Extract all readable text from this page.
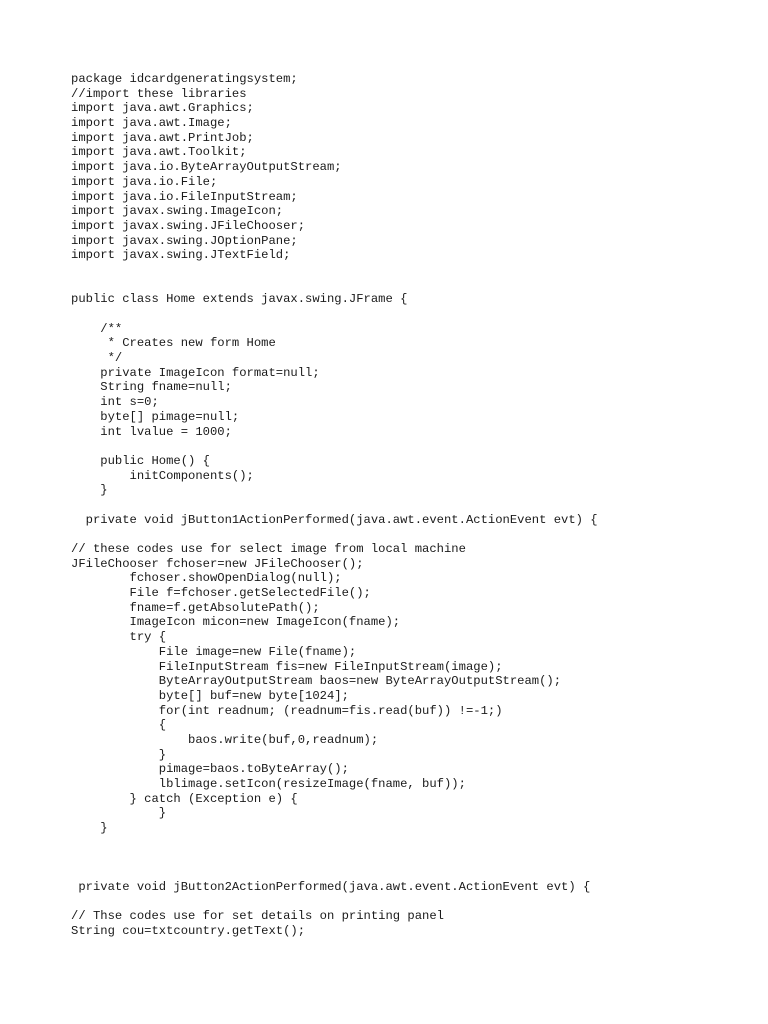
package idcardgeneratingsystem;
//import these libraries
import java.awt.Graphics;
import java.awt.Image;
import java.awt.PrintJob;
import java.awt.Toolkit;
import java.io.ByteArrayOutputStream;
import java.io.File;
import java.io.FileInputStream;
import javax.swing.ImageIcon;
import javax.swing.JFileChooser;
import javax.swing.JOptionPane;
import javax.swing.JTextField;
public class Home extends javax.swing.JFrame {
/**
* Creates new form Home
*/
private ImageIcon format=null;
String fname=null;
int s=0;
byte[] pimage=null;
int lvalue = 1000;
public Home() {
initComponents();
}
private void jButton1ActionPerformed(java.awt.event.ActionEvent evt) {
// these codes use for select image from local machine
JFileChooser fchoser=new JFileChooser();
fchoser.showOpenDialog(null);
File f=fchoser.getSelectedFile();
fname=f.getAbsolutePath();
ImageIcon micon=new ImageIcon(fname);
try {
File image=new File(fname);
FileInputStream fis=new FileInputStream(image);
ByteArrayOutputStream baos=new ByteArrayOutputStream();
byte[] buf=new byte[1024];
for(int readnum; (readnum=fis.read(buf)) !=-1;)
{
baos.write(buf,0,readnum);
}
pimage=baos.toByteArray();
lblimage.setIcon(resizeImage(fname, buf));
} catch (Exception e) {
}
}
private void jButton2ActionPerformed(java.awt.event.ActionEvent evt) {
// Thse codes use for set details on printing panel
String cou=txtcountry.getText();
